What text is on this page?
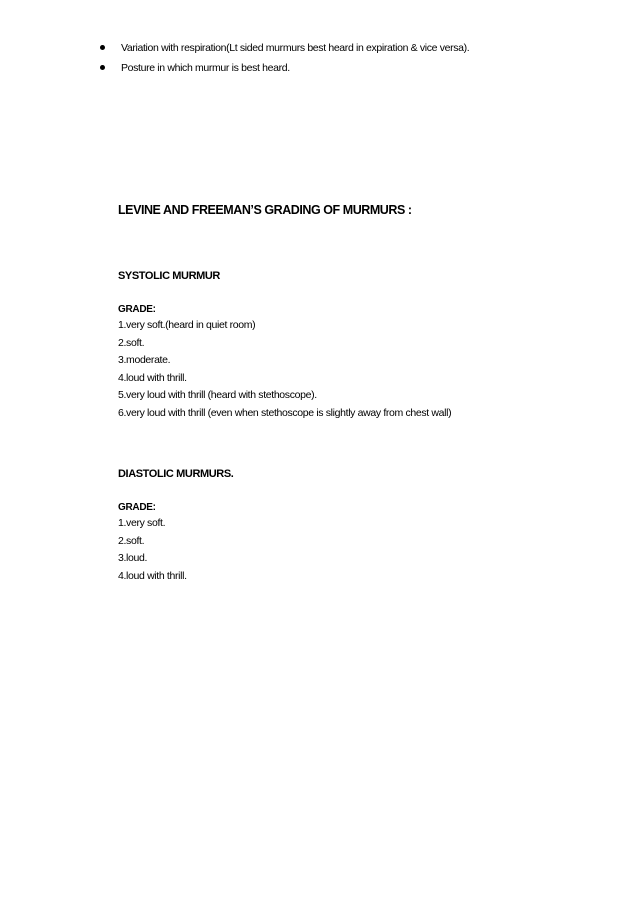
Variation with respiration(Lt sided murmurs best heard in expiration & vice versa).
Posture in which murmur is best heard.
LEVINE AND FREEMAN’S GRADING OF MURMURS :
SYSTOLIC MURMUR
GRADE:
1.very soft.(heard in quiet room)
2.soft.
3.moderate.
4.loud with thrill.
5.very loud with thrill (heard with stethoscope).
6.very loud with thrill (even when stethoscope is slightly away from chest wall)
DIASTOLIC MURMURS.
GRADE:
1.very soft.
2.soft.
3.loud.
4.loud with thrill.
